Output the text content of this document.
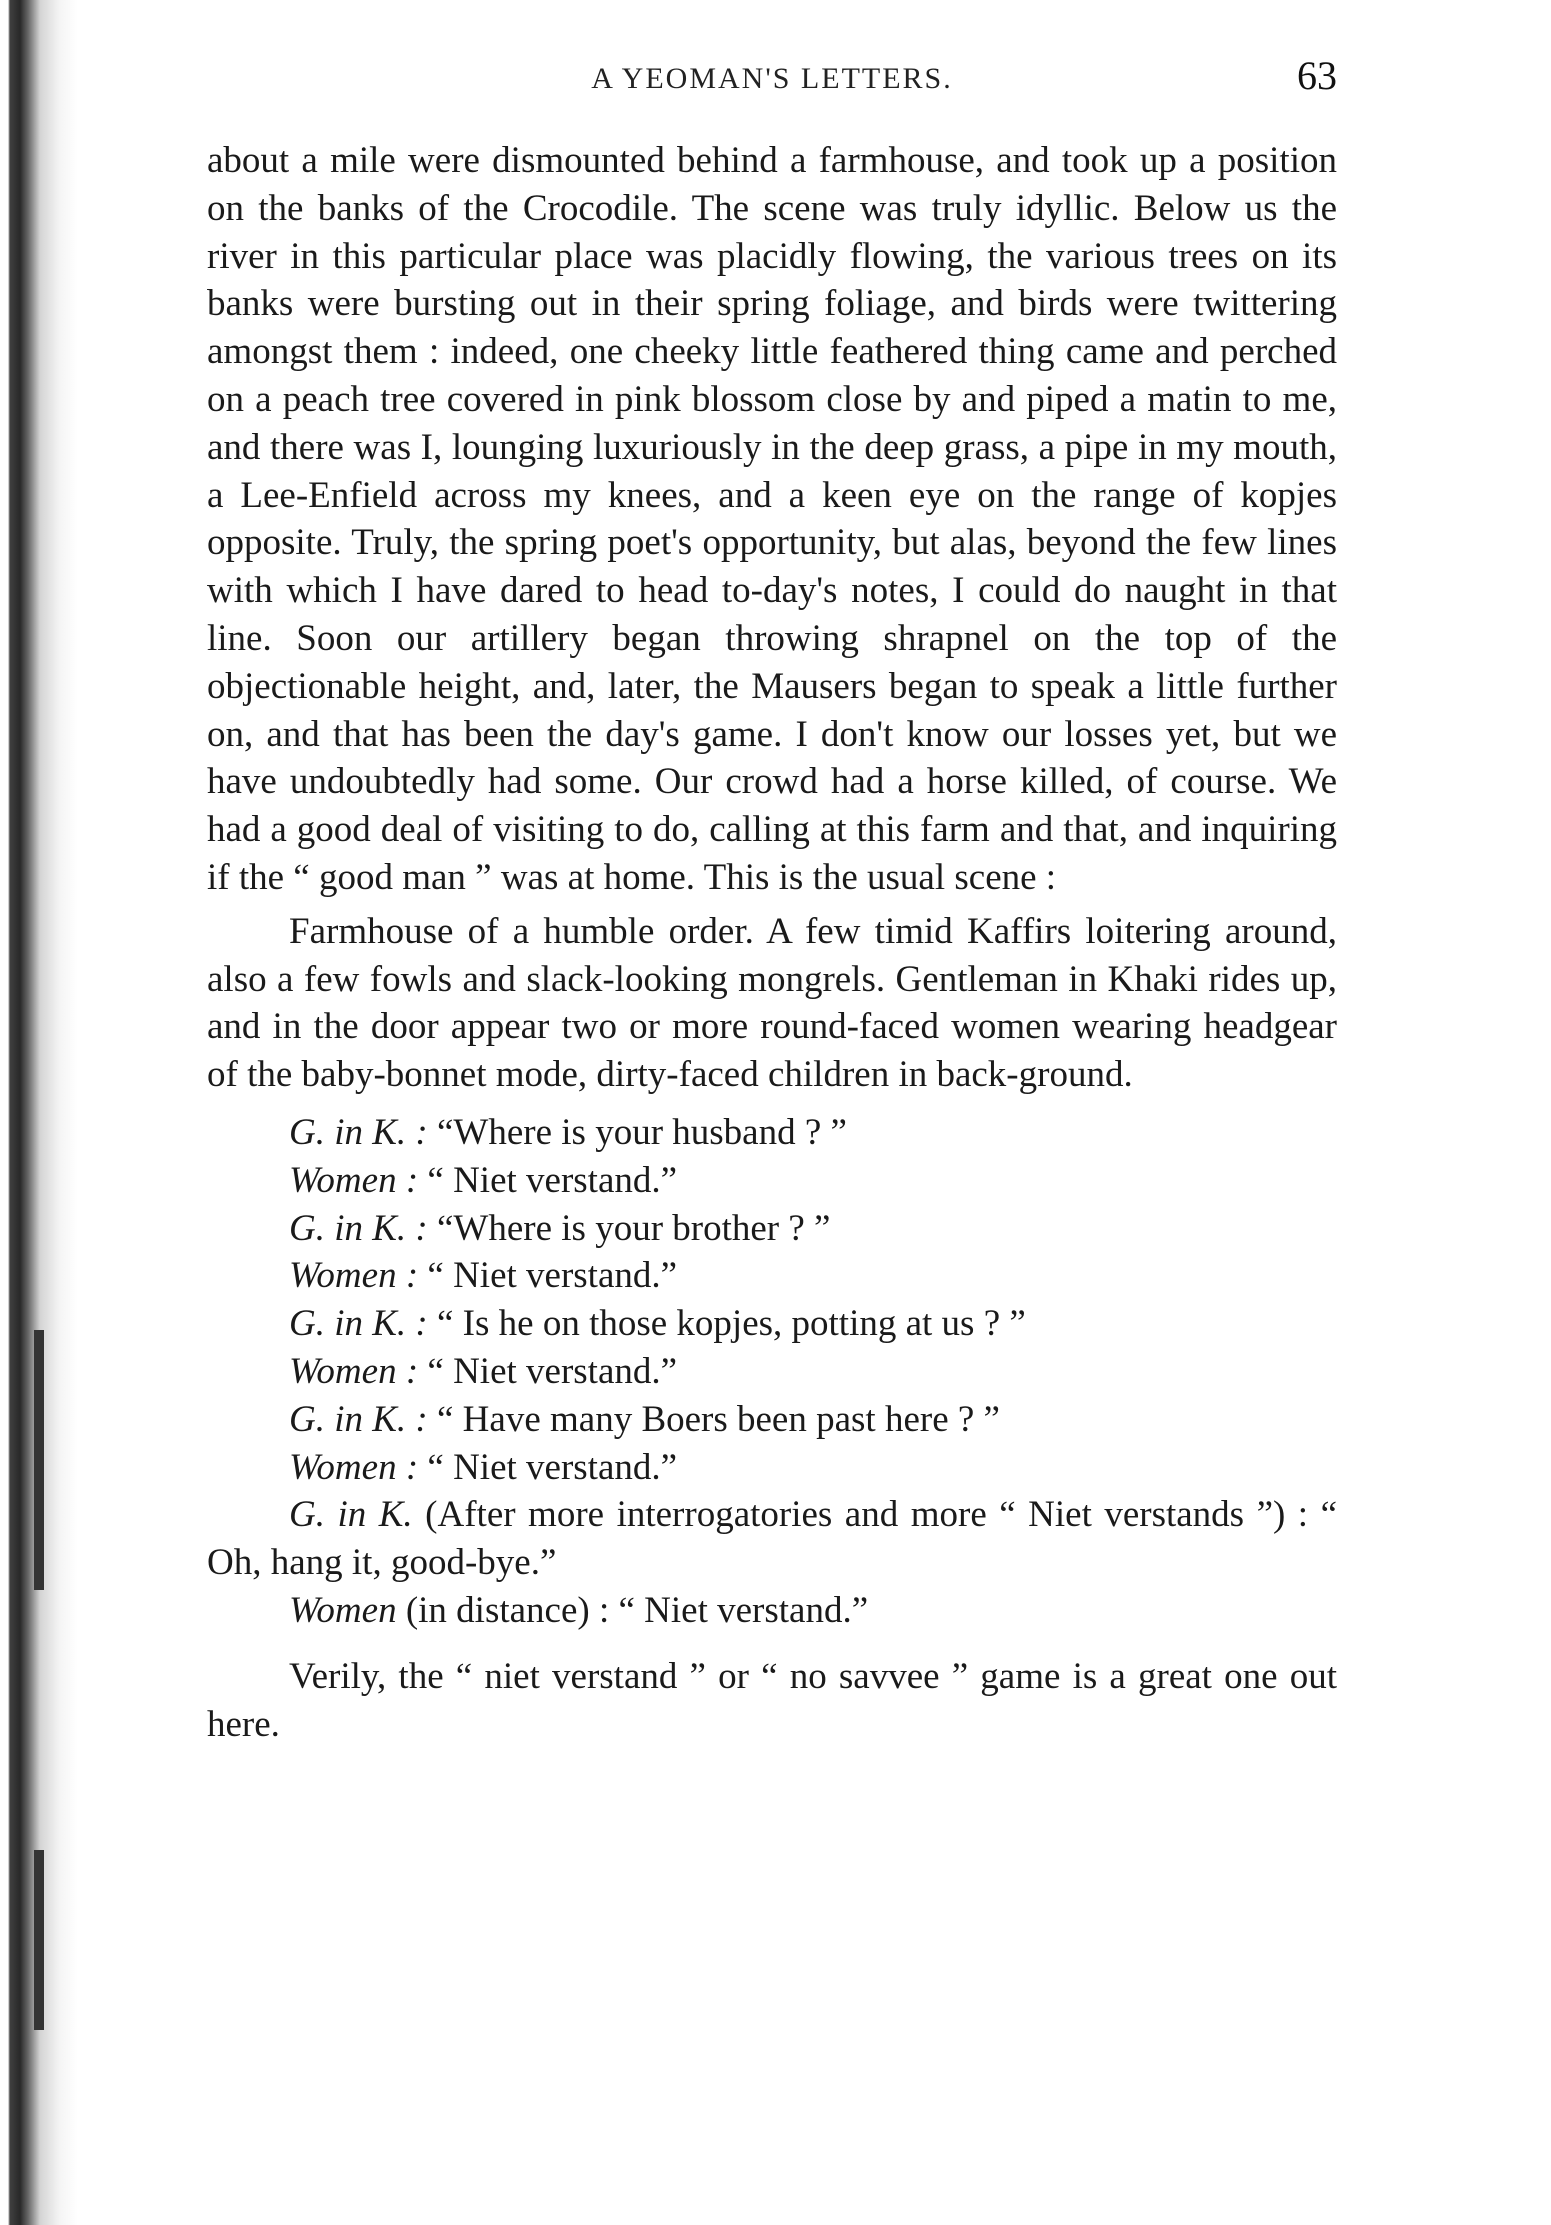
A YEOMAN'S LETTERS.	63

about a mile were dismounted behind a farmhouse, and took up a position on the banks of the Crocodile. The scene was truly idyllic. Below us the river in this particular place was placidly flowing, the various trees on its banks were bursting out in their spring foliage, and birds were twittering amongst them : indeed, one cheeky little feathered thing came and perched on a peach tree covered in pink blossom close by and piped a matin to me, and there was I, lounging luxuriously in the deep grass, a pipe in my mouth, a Lee-Enfield across my knees, and a keen eye on the range of kopjes opposite. Truly, the spring poet's opportunity, but alas, beyond the few lines with which I have dared to head to-day's notes, I could do naught in that line. Soon our artillery began throwing shrapnel on the top of the objectionable height, and, later, the Mausers began to speak a little further on, and that has been the day's game. I don't know our losses yet, but we have undoubtedly had some. Our crowd had a horse killed, of course. We had a good deal of visiting to do, calling at this farm and that, and inquiring if the “ good man ” was at home. This is the usual scene :

Farmhouse of a humble order. A few timid Kaffirs loitering around, also a few fowls and slack-looking mongrels. Gentleman in Khaki rides up, and in the door appear two or more round-faced women wearing headgear of the baby-bonnet mode, dirty-faced children in back-ground.

G. in K. : “Where is your husband ? ”

Women : “ Niet verstand.”

G. in K. : “Where is your brother ? ”

Women : “ Niet verstand.”

G. in K. : “ Is he on those kopjes, potting at us ? ”

Women : “ Niet verstand.”

G. in K. : “ Have many Boers been past here ? ”

Women : “ Niet verstand.”

G. in K. (After more interrogatories and more “ Niet verstands ”) : “ Oh, hang it, good-bye.”

Women (in distance) : “ Niet verstand.”

Verily, the “ niet verstand ” or “ no savvee ” game is a great one out here.
